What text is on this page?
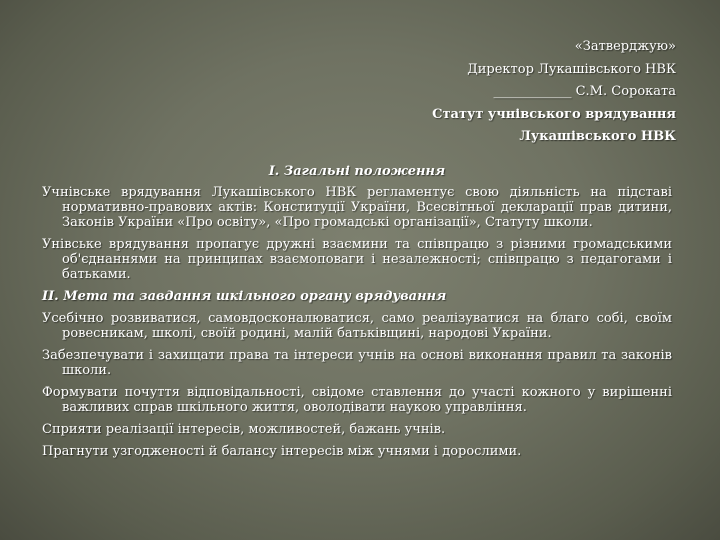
«Затверджую»
Директор Лукашівського НВК
____________ С.М. Сороката
Статут учнівського врядування
Лукашівського НВК
І. Загальні положення

Учнівське врядування Лукашівського НВК регламентує свою діяльність на підставі нормативно-правових актів: Конституції України, Всесвітньої декларації прав дитини, Законів України «Про освіту», «Про громадські організації», Статуту школи.

Унівське врядування пропагує дружні взаємини та співпрацю з різними громадськими об'єднаннями на принципах взаємоповаги і незалежності; співпрацю з педагогами і батьками.

ІІ. Мета та завдання шкільного органу врядування

Усебічно розвиватися, самовдосконалюватися, само реалізуватися на благо собі, своїм ровесникам, школі, своїй родині, малій батьківщині, народові України.

Забезпечувати і захищати права та інтереси учнів на основі виконання правил та законів школи.

Формувати почуття відповідальності, свідоме ставлення до участі кожного у вирішенні важливих справ шкільного життя, оволодівати наукою управління.

Сприяти реалізації інтересів, можливостей, бажань учнів.

Прагнути узгодженості й балансу інтересів між учнями і дорослими.
